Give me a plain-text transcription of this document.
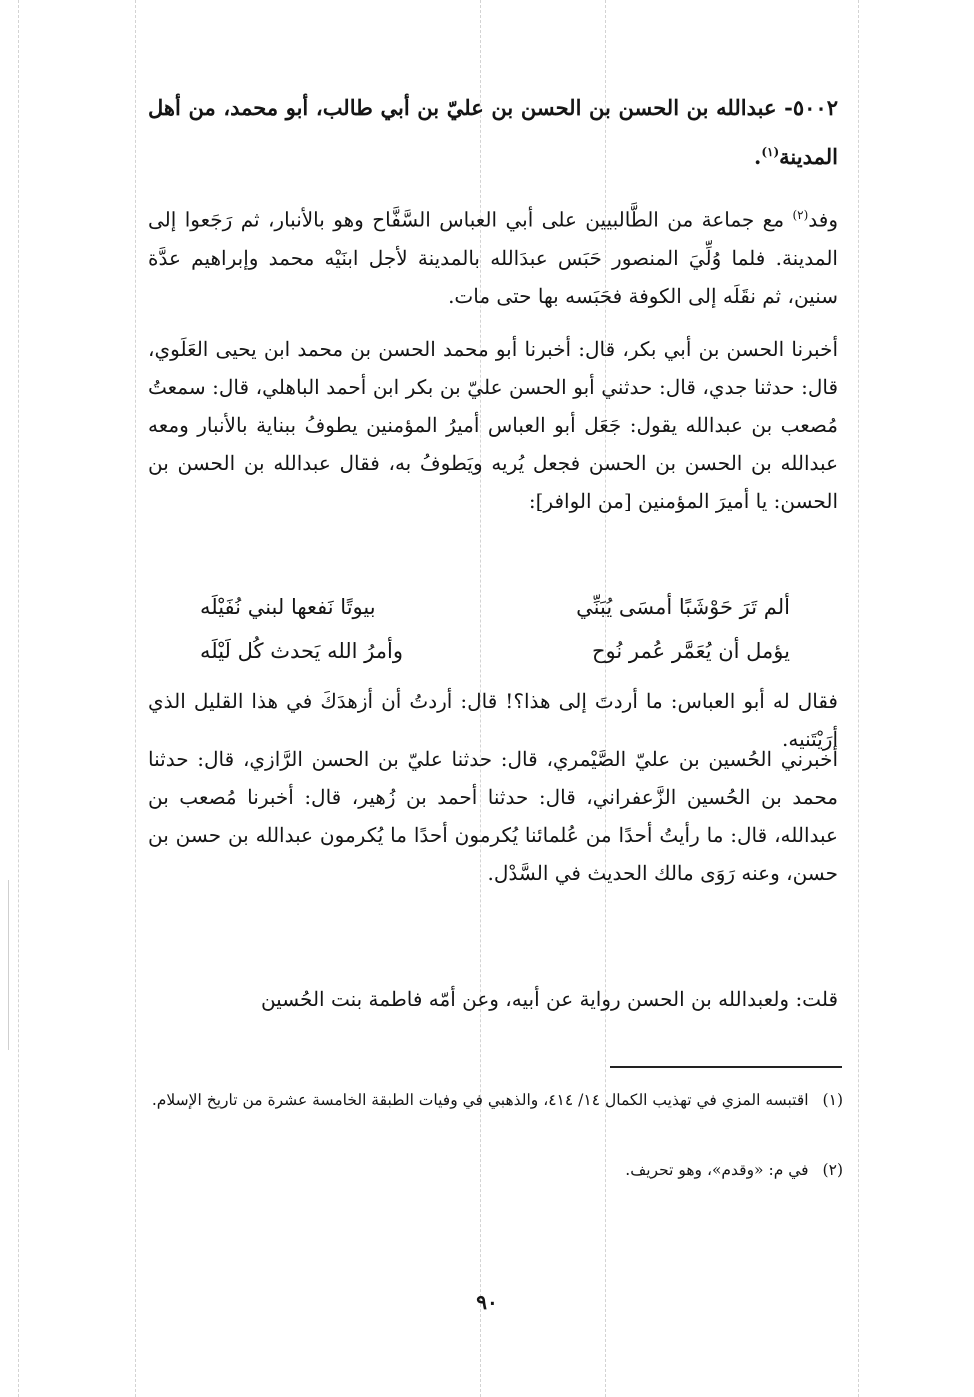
٥٠٠٢- عبدالله بن الحسن بن الحسن بن عليّ بن أبي طالب، أبو محمد، من أهل المدينة$^{(١)}$.

وفد$^{(٢)}$ مع جماعة من الطَّالبيين على أبي العباس السَّفَّاح وهو بالأنبار، ثم رَجَعوا إلى المدينة. فلما وُلِّيَ المنصور حَبَس عبدَالله بالمدينة لأجل ابنَيْه محمد وإبراهيم عدَّة سنين، ثم نقَلَه إلى الكوفة فحَبَسه بها حتى مات.

أخبرنا الحسن بن أبي بكر، قال: أخبرنا أبو محمد الحسن بن محمد ابن يحيى العَلَوي، قال: حدثنا جدي، قال: حدثني أبو الحسن عليّ بن بكر ابن أحمد الباهلي، قال: سمعتُ مُصعب بن عبدالله يقول: جَعَل أبو العباس أميرُ المؤمنين يطوفُ ببناية بالأنبار ومعه عبدالله بن الحسن بن الحسن فجعل يُريه ويَطوفُ به، فقال عبدالله بن الحسن بن الحسن: يا أميرَ المؤمنين [من الوافر]:

ألم تَرَ حَوْشَبًا أمسَى يُبَنِّي
بيوتًا نَفعها لبني نُفَيْلَه
يؤمل أن يُعَمَّر عُمر نُوح
وأمرُ الله يَحدث كُل لَيْلَه

فقال له أبو العباس: ما أردتَ إلى هذا؟! قال: أردتُ أن أزهدَكَ في هذا القليل الذي أرَيْتَنيه.

أخبرني الحُسين بن عليّ الصَّيْمري، قال: حدثنا عليّ بن الحسن الرَّازي، قال: حدثنا محمد بن الحُسين الزَّعفراني، قال: حدثنا أحمد بن زُهير، قال: أخبرنا مُصعب بن عبدالله، قال: ما رأيتُ أحدًا من عُلمائنا يُكرمون أحدًا ما يُكرمون عبدالله بن حسن بن حسن، وعنه رَوَى مالك الحديث في السَّدْل.

قلت: ولعبدالله بن الحسن رواية عن أبيه، وعن أمّه فاطمة بنت الحُسين

(١)اقتبسه المزي في تهذيب الكمال ١٤/ ٤١٤، والذهبي في وفيات الطبقة الخامسة عشرة من تاريخ الإسلام.
(٢)في م: «وقدم»، وهو تحريف.
٩٠
